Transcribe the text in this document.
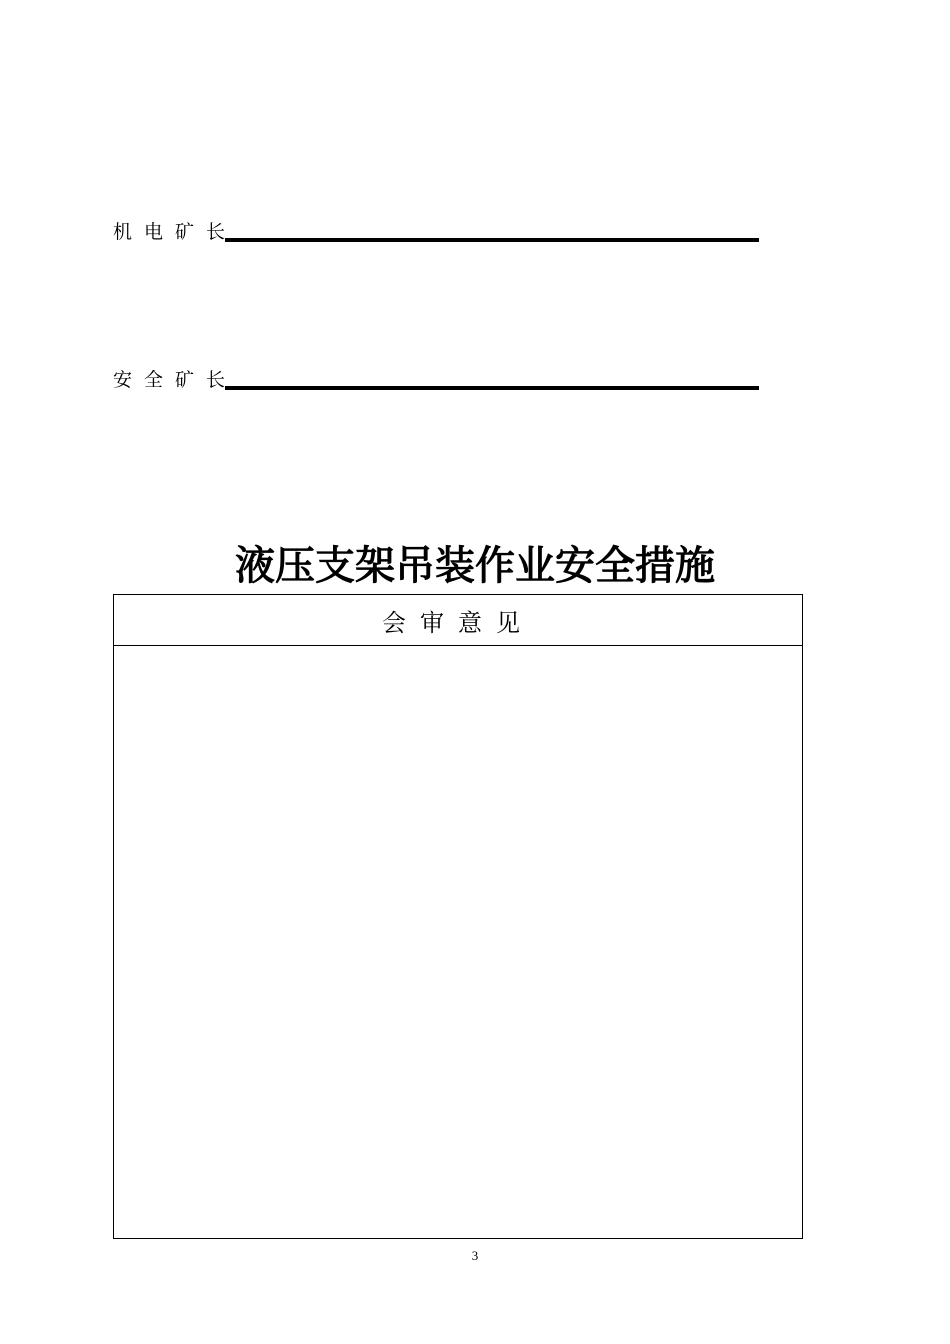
机电矿长
安全矿长
液压支架吊装作业安全措施
会审意见
3
